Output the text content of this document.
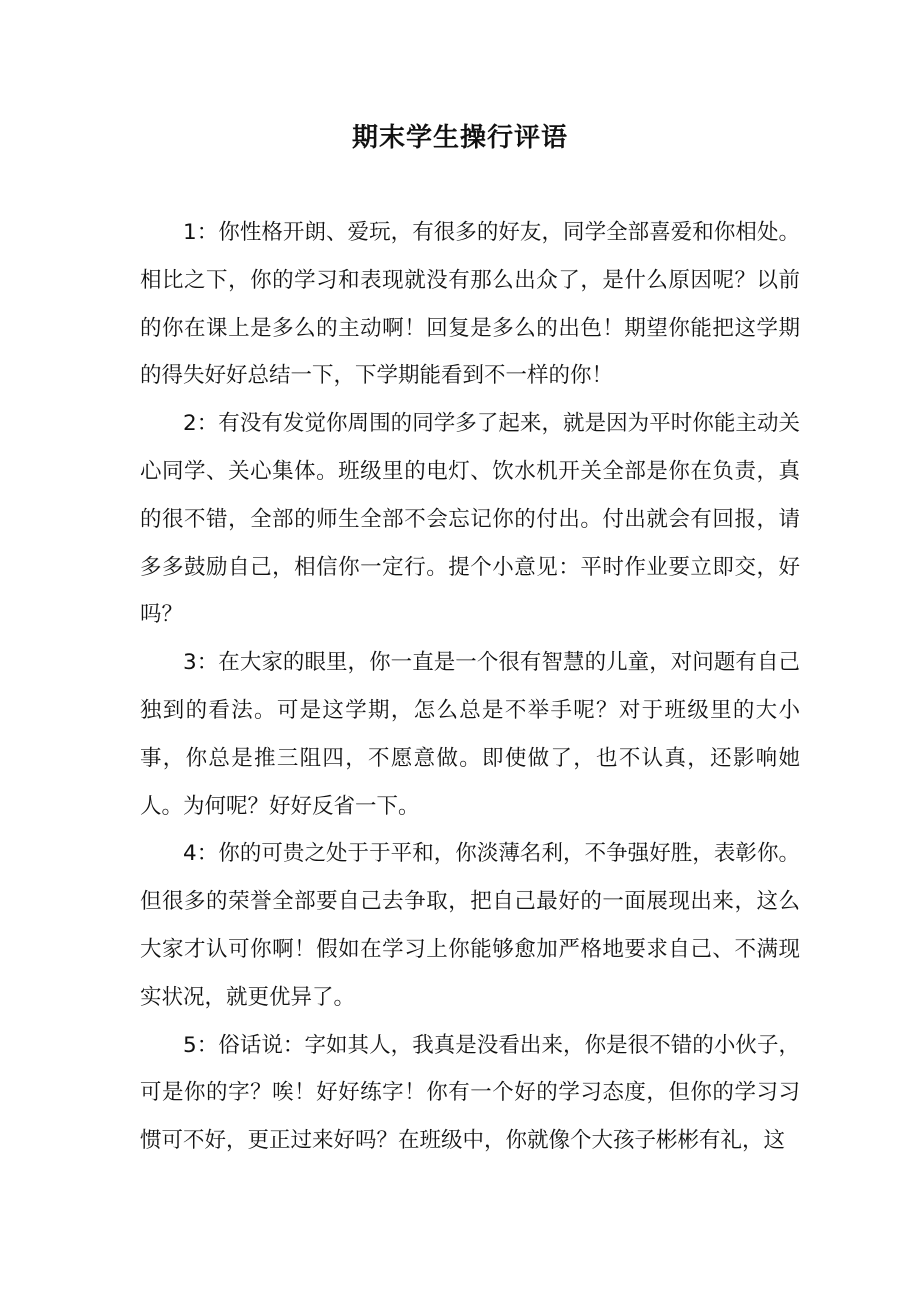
期末学生操行评语

1：你性格开朗、爱玩，有很多的好友，同学全部喜爱和你相处。相比之下，你的学习和表现就没有那么出众了，是什么原因呢？以前的你在课上是多么的主动啊！回复是多么的出色！期望你能把这学期的得失好好总结一下，下学期能看到不一样的你！

2：有没有发觉你周围的同学多了起来，就是因为平时你能主动关心同学、关心集体。班级里的电灯、饮水机开关全部是你在负责，真的很不错，全部的师生全部不会忘记你的付出。付出就会有回报，请多多鼓励自己，相信你一定行。提个小意见：平时作业要立即交，好吗？

3：在大家的眼里，你一直是一个很有智慧的儿童，对问题有自己独到的看法。可是这学期，怎么总是不举手呢？对于班级里的大小事，你总是推三阻四，不愿意做。即使做了，也不认真，还影响她人。为何呢？好好反省一下。

4：你的可贵之处于于平和，你淡薄名利，不争强好胜，表彰你。但很多的荣誉全部要自己去争取，把自己最好的一面展现出来，这么大家才认可你啊！假如在学习上你能够愈加严格地要求自己、不满现实状况，就更优异了。

5：俗话说：字如其人，我真是没看出来，你是很不错的小伙子，可是你的字？唉！好好练字！你有一个好的学习态度，但你的学习习惯可不好，更正过来好吗？在班级中，你就像个大孩子彬彬有礼，这
